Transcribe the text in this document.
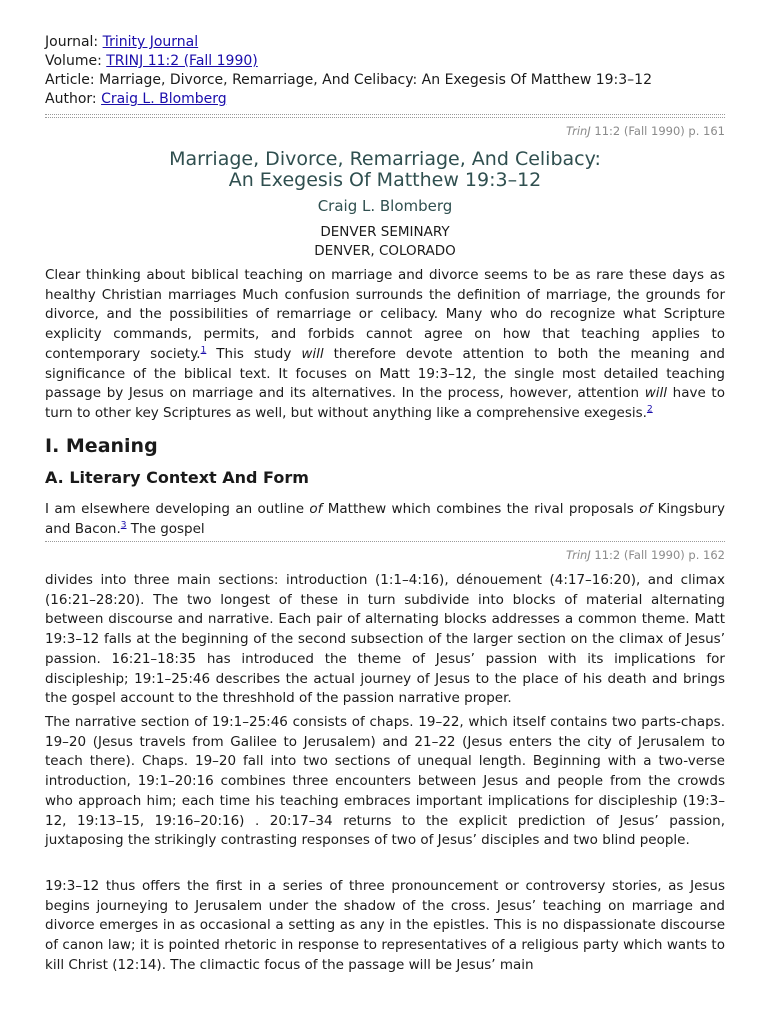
Journal: Trinity Journal
Volume: TRINJ 11:2 (Fall 1990)
Article: Marriage, Divorce, Remarriage, And Celibacy: An Exegesis Of Matthew 19:3–12
Author: Craig L. Blomberg
TrinJ 11:2 (Fall 1990) p. 161
Marriage, Divorce, Remarriage, And Celibacy:
An Exegesis Of Matthew 19:3–12
Craig L. Blomberg
DENVER SEMINARY
DENVER, COLORADO

Clear thinking about biblical teaching on marriage and divorce seems to be as rare these days as healthy Christian marriages Much confusion surrounds the definition of marriage, the grounds for divorce, and the possibilities of remarriage or celibacy. Many who do recognize what Scripture explicity commands, permits, and forbids cannot agree on how that teaching applies to contemporary society.$^1$ This study will therefore devote attention to both the meaning and significance of the biblical text. It focuses on Matt 19:3–12, the single most detailed teaching passage by Jesus on marriage and its alternatives. In the process, however, attention will have to turn to other key Scriptures as well, but without anything like a comprehensive exegesis.$^2$

I. Meaning
A. Literary Context And Form

I am elsewhere developing an outline of Matthew which combines the rival proposals of Kingsbury and Bacon.$^3$ The gospel

TrinJ 11:2 (Fall 1990) p. 162

divides into three main sections: introduction (1:1–4:16), dénouement (4:17–16:20), and climax (16:21–28:20). The two longest of these in turn subdivide into blocks of material alternating between discourse and narrative. Each pair of alternating blocks addresses a common theme. Matt 19:3–12 falls at the beginning of the second subsection of the larger section on the climax of Jesus’ passion. 16:21–18:35 has introduced the theme of Jesus’ passion with its implications for discipleship; 19:1–25:46 describes the actual journey of Jesus to the place of his death and brings the gospel account to the threshhold of the passion narrative proper.

The narrative section of 19:1–25:46 consists of chaps. 19–22, which itself contains two parts-chaps. 19–20 (Jesus travels from Galilee to Jerusalem) and 21–22 (Jesus enters the city of Jerusalem to teach there). Chaps. 19–20 fall into two sections of unequal length. Beginning with a two-verse introduction, 19:1–20:16 combines three encounters between Jesus and people from the crowds who approach him; each time his teaching embraces important implications for discipleship (19:3–12, 19:13–15, 19:16–20:16) . 20:17–34 returns to the explicit prediction of Jesus’ passion, juxtaposing the strikingly contrasting responses of two of Jesus’ disciples and two blind people.

19:3–12 thus offers the first in a series of three pronouncement or controversy stories, as Jesus begins journeying to Jerusalem under the shadow of the cross. Jesus’ teaching on marriage and divorce emerges in as occasional a setting as any in the epistles. This is no dispassionate discourse of canon law; it is pointed rhetoric in response to representatives of a religious party which wants to kill Christ (12:14). The climactic focus of the passage will be Jesus’ main
